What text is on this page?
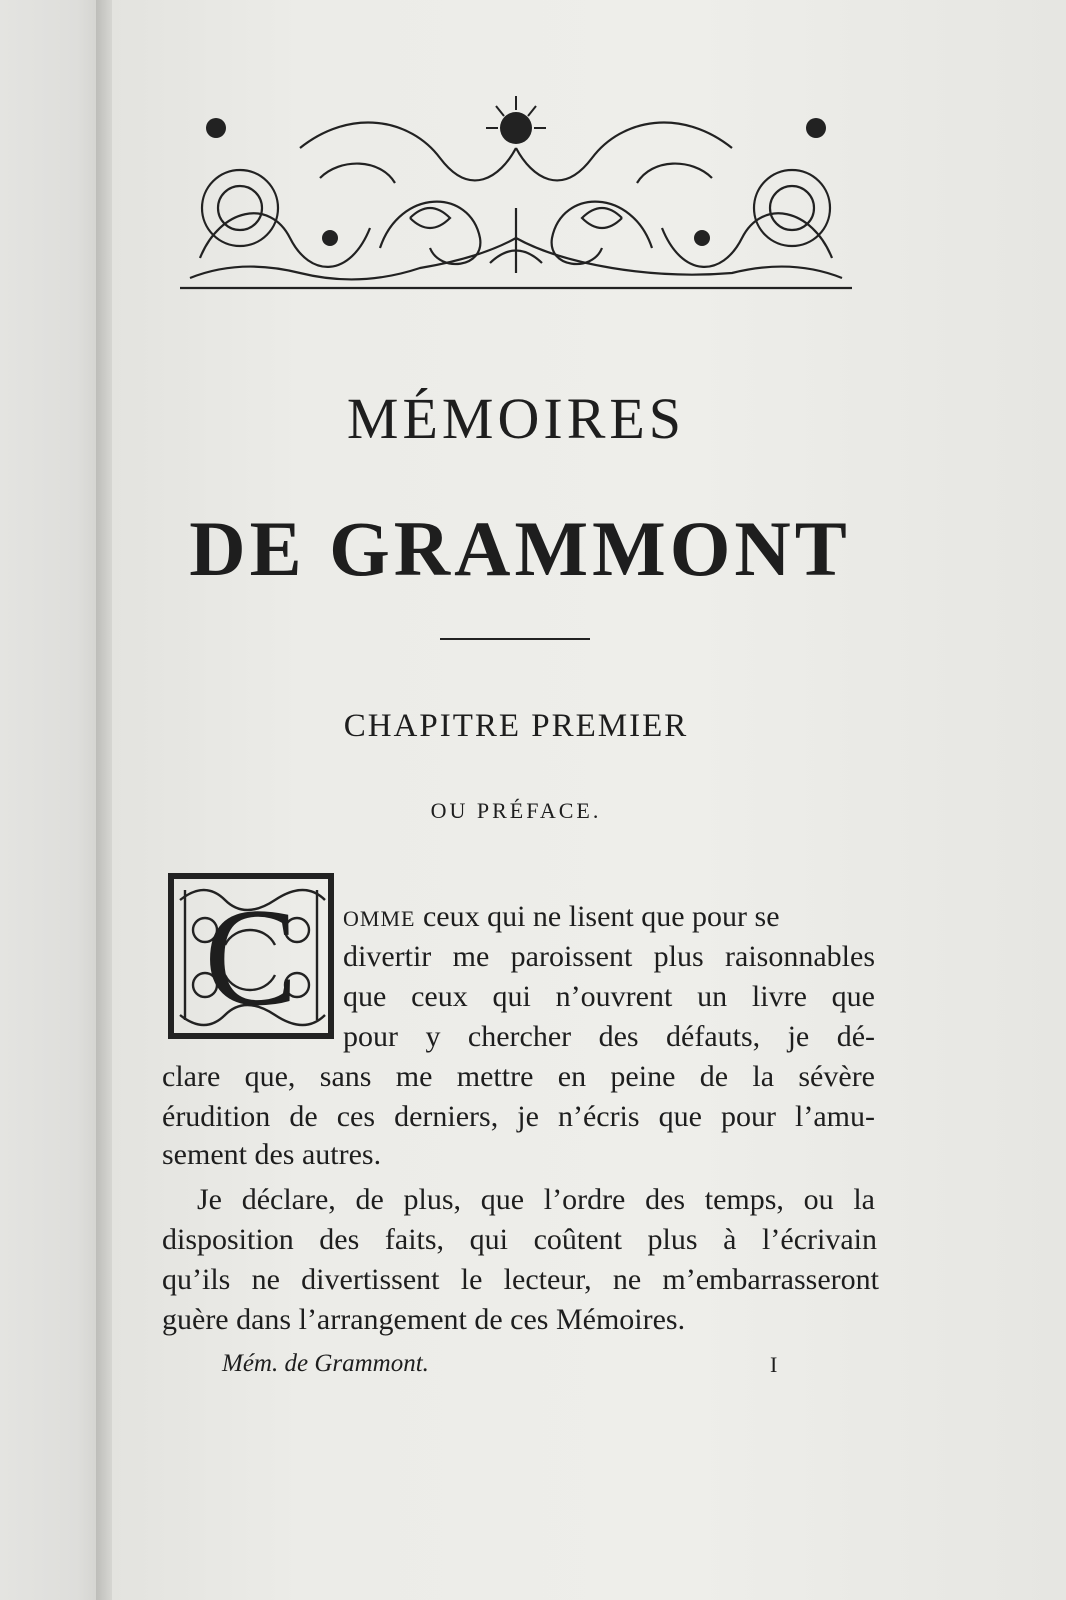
MÉMOIRES
DE GRAMMONT
CHAPITRE PREMIER
OU PRÉFACE.
C OMME ceux qui ne lisent que pour se
divertir me paroissent plus raisonnables
que ceux qui n’ouvrent un livre que
pour y chercher des défauts, je dé-
clare que, sans me mettre en peine de la sévère
érudition de ces derniers, je n’écris que pour l’amu-
sement des autres.
Je déclare, de plus, que l’ordre des temps, ou la
disposition des faits, qui coûtent plus à l’écrivain
qu’ils ne divertissent le lecteur, ne m’embarrasseront
guère dans l’arrangement de ces Mémoires.
Mém. de Grammont.	I
